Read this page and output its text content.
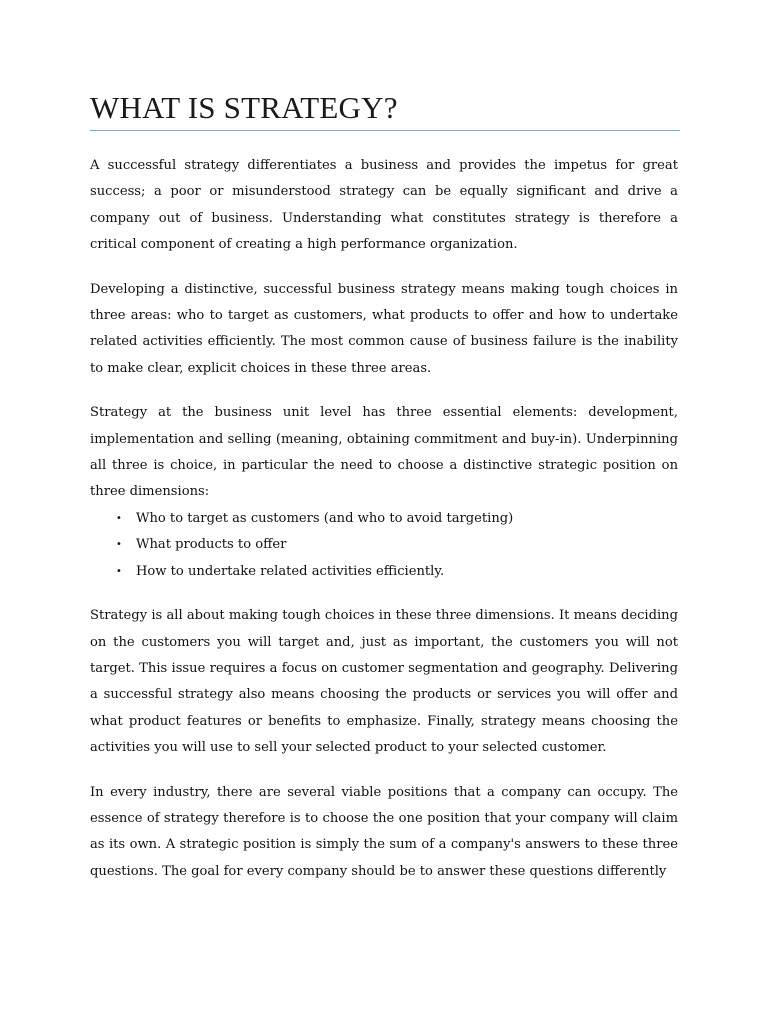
WHAT IS STRATEGY?

A successful strategy differentiates a business and provides the impetus for great success; a poor or misunderstood strategy can be equally significant and drive a company out of business. Understanding what constitutes strategy is therefore a critical component of creating a high performance organization.

Developing a distinctive, successful business strategy means making tough choices in three areas: who to target as customers, what products to offer and how to undertake related activities efficiently. The most common cause of business failure is the inability to make clear, explicit choices in these three areas.

Strategy at the business unit level has three essential elements: development, implementation and selling (meaning, obtaining commitment and buy-in). Underpinning all three is choice, in particular the need to choose a distinctive strategic position on three dimensions:

• Who to target as customers (and who to avoid targeting)
• What products to offer
• How to undertake related activities efficiently.

Strategy is all about making tough choices in these three dimensions. It means deciding on the customers you will target and, just as important, the customers you will not target. This issue requires a focus on customer segmentation and geography. Delivering a successful strategy also means choosing the products or services you will offer and what product features or benefits to emphasize. Finally, strategy means choosing the activities you will use to sell your selected product to your selected customer.

In every industry, there are several viable positions that a company can occupy. The essence of strategy therefore is to choose the one position that your company will claim as its own. A strategic position is simply the sum of a company's answers to these three questions. The goal for every company should be to answer these questions differently
